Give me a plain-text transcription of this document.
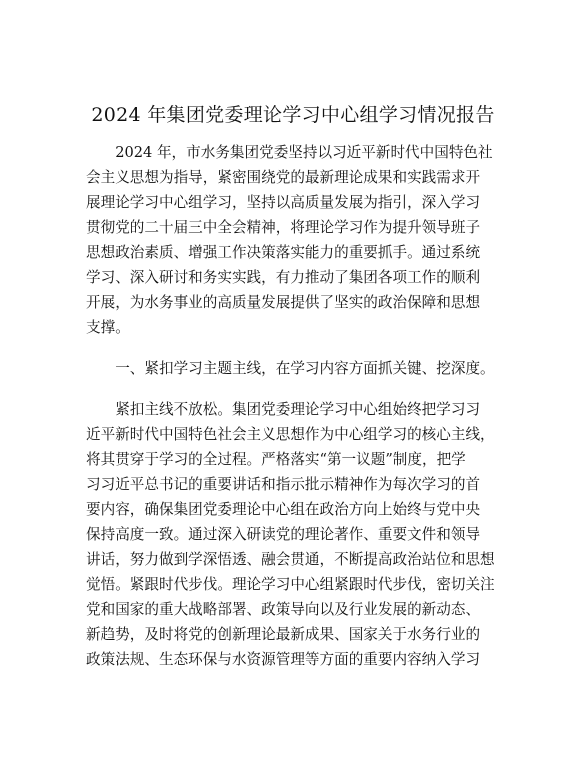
2024 年集团党委理论学习中心组学习情况报告
　　2024 年，市水务集团党委坚持以习近平新时代中国特色社
会主义思想为指导，紧密围绕党的最新理论成果和实践需求开
展理论学习中心组学习，坚持以高质量发展为指引，深入学习
贯彻党的二十届三中全会精神，将理论学习作为提升领导班子
思想政治素质、增强工作决策落实能力的重要抓手。通过系统
学习、深入研讨和务实实践，有力推动了集团各项工作的顺利
开展，为水务事业的高质量发展提供了坚实的政治保障和思想
支撑。
　　一、紧扣学习主题主线，在学习内容方面抓关键、挖深度。
　　紧扣主线不放松。集团党委理论学习中心组始终把学习习
近平新时代中国特色社会主义思想作为中心组学习的核心主线，
将其贯穿于学习的全过程。严格落实“第一议题”制度，把学
习习近平总书记的重要讲话和指示批示精神作为每次学习的首
要内容，确保集团党委理论中心组在政治方向上始终与党中央
保持高度一致。通过深入研读党的理论著作、重要文件和领导
讲话，努力做到学深悟透、融会贯通，不断提高政治站位和思想
觉悟。紧跟时代步伐。理论学习中心组紧跟时代步伐，密切关注
党和国家的重大战略部署、政策导向以及行业发展的新动态、
新趋势，及时将党的创新理论最新成果、国家关于水务行业的
政策法规、生态环保与水资源管理等方面的重要内容纳入学习
